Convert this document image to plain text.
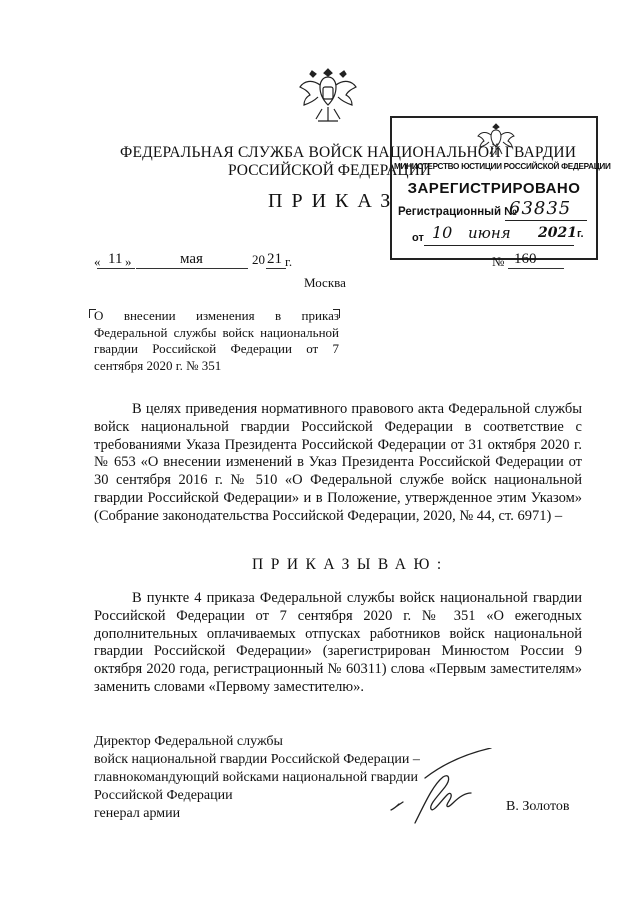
ФЕДЕРАЛЬНАЯ СЛУЖБА ВОЙСК НАЦИОНАЛЬНОЙ ГВАРДИИ
РОССИЙСКОЙ ФЕДЕРАЦИИ
ПРИКАЗ
МИНИСТЕРСТВО ЮСТИЦИИ РОССИЙСКОЙ ФЕДЕРАЦИИ
ЗАРЕГИСТРИРОВАНО
Регистрационный №
63835
от 10 июня 2021г.
« 11 »	мая	20 21 г.	№ 160
Москва
О внесении изменения в приказ Федеральной службы войск национальной гвардии Российской Федерации от 7 сентября 2020 г. № 351
В целях приведения нормативного правового акта Федеральной службы войск национальной гвардии Российской Федерации в соответствие с требованиями Указа Президента Российской Федерации от 31 октября 2020 г. № 653 «О внесении изменений в Указ Президента Российской Федерации от 30 сентября 2016 г. № 510 «О Федеральной службе войск национальной гвардии Российской Федерации» и в Положение, утвержденное этим Указом» (Собрание законодательства Российской Федерации, 2020, № 44, ст. 6971) –
ПРИКАЗЫВАЮ:
В пункте 4 приказа Федеральной службы войск национальной гвардии Российской Федерации от 7 сентября 2020 г. № 351 «О ежегодных дополнительных оплачиваемых отпусках работников войск национальной гвардии Российской Федерации» (зарегистрирован Минюстом России 9 октября 2020 года, регистрационный № 60311) слова «Первым заместителям» заменить словами «Первому заместителю».
Директор Федеральной службы
войск национальной гвардии Российской Федерации –
главнокомандующий войсками национальной гвардии
Российской Федерации
генерал армии	В. Золотов
